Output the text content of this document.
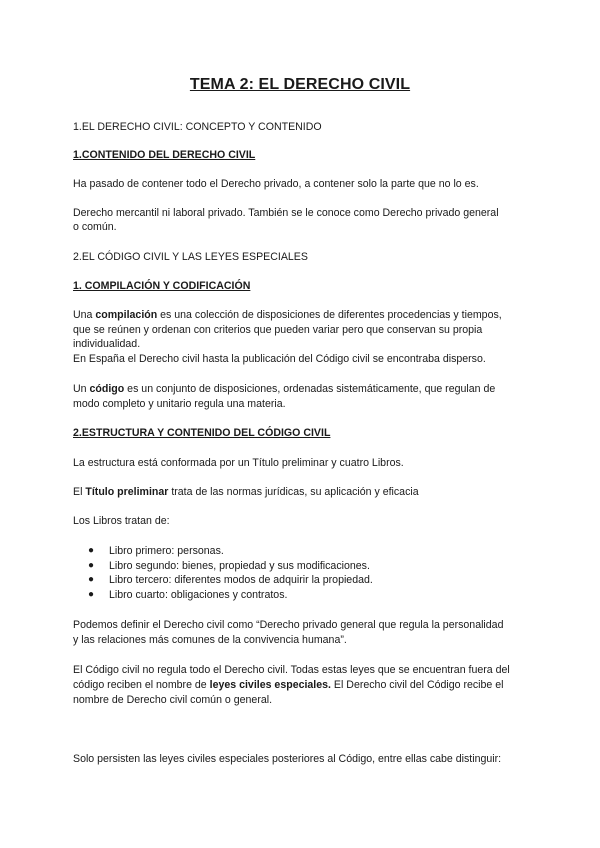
TEMA 2: EL DERECHO CIVIL
1.EL DERECHO CIVIL: CONCEPTO Y CONTENIDO
1.CONTENIDO DEL DERECHO CIVIL
Ha pasado de contener todo el Derecho privado, a contener solo la parte que no lo es.
Derecho mercantil ni laboral privado. También se le conoce como Derecho privado general
o común.
2.EL CÓDIGO CIVIL Y LAS LEYES ESPECIALES
1. COMPILACIÓN Y CODIFICACIÓN
Una compilación es una colección de disposiciones de diferentes procedencias y tiempos,
que se reúnen y ordenan con criterios que pueden variar pero que conservan su propia
individualidad.
En España el Derecho civil hasta la publicación del Código civil se encontraba disperso.
Un código es un conjunto de disposiciones, ordenadas sistemáticamente, que regulan de
modo completo y unitario regula una materia.
2.ESTRUCTURA Y CONTENIDO DEL CÓDIGO CIVIL
La estructura está conformada por un Título preliminar y cuatro Libros.
El Título preliminar trata de las normas jurídicas, su aplicación y eficacia
Los Libros tratan de:
● Libro primero: personas.
● Libro segundo: bienes, propiedad y sus modificaciones.
● Libro tercero: diferentes modos de adquirir la propiedad.
● Libro cuarto: obligaciones y contratos.
Podemos definir el Derecho civil como “Derecho privado general que regula la personalidad
y las relaciones más comunes de la convivencia humana”.
El Código civil no regula todo el Derecho civil. Todas estas leyes que se encuentran fuera del
código reciben el nombre de leyes civiles especiales. El Derecho civil del Código recibe el
nombre de Derecho civil común o general.
Solo persisten las leyes civiles especiales posteriores al Código, entre ellas cabe distinguir:
